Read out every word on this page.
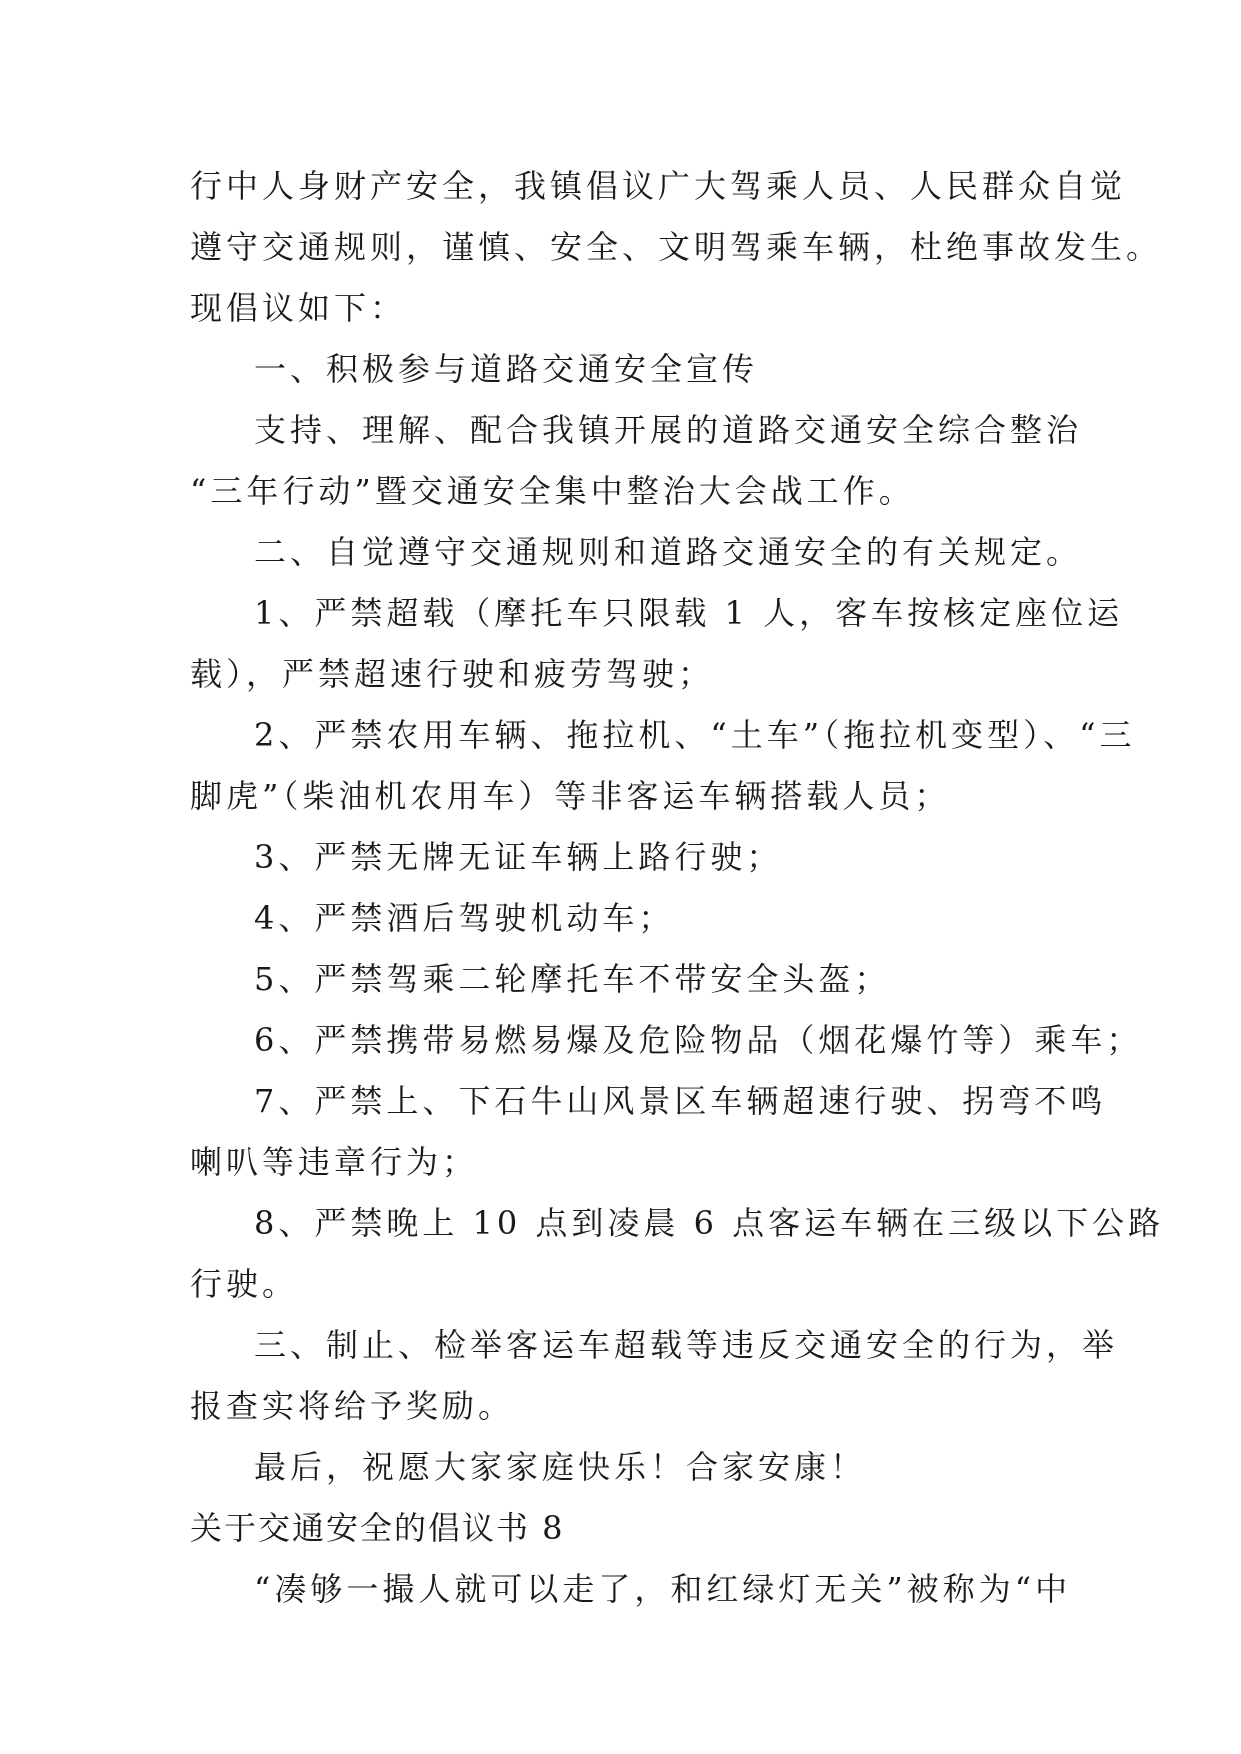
行中人身财产安全，我镇倡议广大驾乘人员、人民群众自觉
遵守交通规则，谨慎、安全、文明驾乘车辆，杜绝事故发生。
现倡议如下：
一、积极参与道路交通安全宣传
支持、理解、配合我镇开展的道路交通安全综合整治
“三年行动”暨交通安全集中整治大会战工作。
二、自觉遵守交通规则和道路交通安全的有关规定。
1、严禁超载（摩托车只限载 1 人，客车按核定座位运
载），严禁超速行驶和疲劳驾驶；
2、严禁农用车辆、拖拉机、“土车”（拖拉机变型）、“三
脚虎”（柴油机农用车）等非客运车辆搭载人员；
3、严禁无牌无证车辆上路行驶；
4、严禁酒后驾驶机动车；
5、严禁驾乘二轮摩托车不带安全头盔；
6、严禁携带易燃易爆及危险物品（烟花爆竹等）乘车；
7、严禁上、下石牛山风景区车辆超速行驶、拐弯不鸣
喇叭等违章行为；
8、严禁晚上 10 点到凌晨 6 点客运车辆在三级以下公路
行驶。
三、制止、检举客运车超载等违反交通安全的行为，举
报查实将给予奖励。
最后，祝愿大家家庭快乐！合家安康！
关于交通安全的倡议书 8
“凑够一撮人就可以走了，和红绿灯无关”被称为“中
